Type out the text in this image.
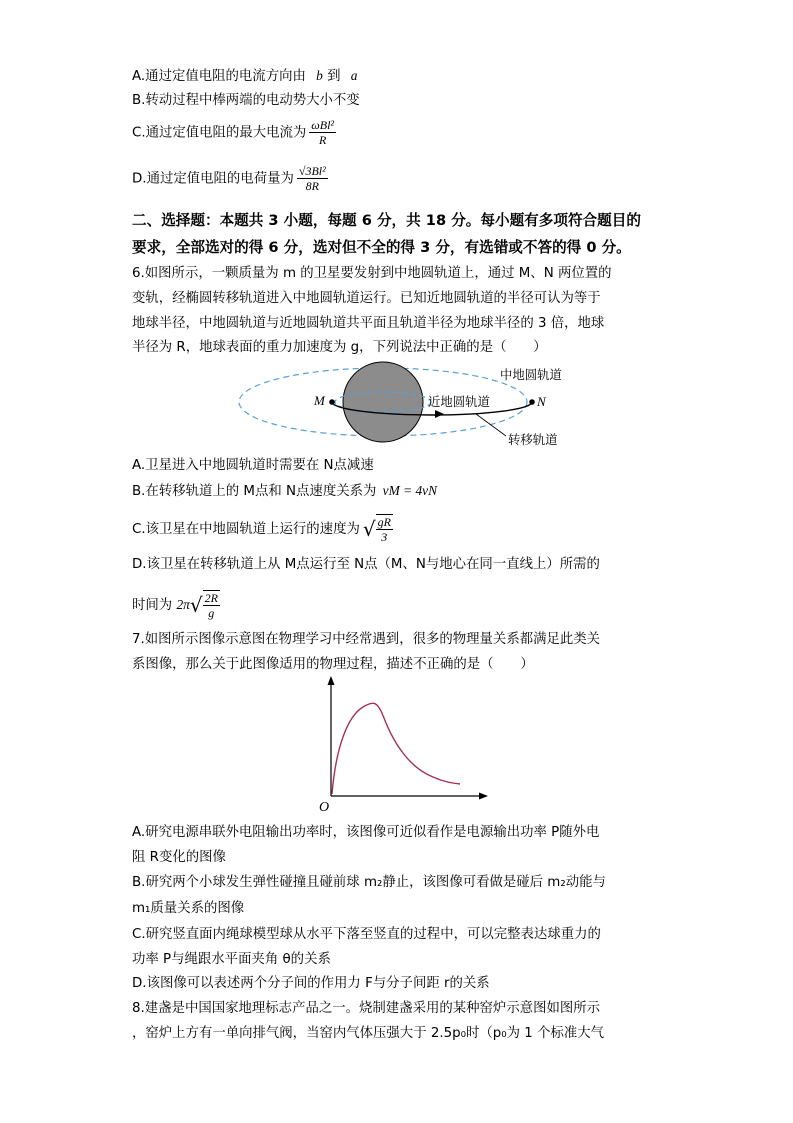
A.通过定值电阻的电流方向由 b 到 a
B.转动过程中棒两端的电动势大小不变
C.通过定值电阻的最大电流为 $\frac{\text{ωBl²}}{R}$
D.通过定值电阻的电荷量为 $\frac{\text{√3Bl²}}{8R}$
二、选择题：本题共 3 小题，每题 6 分，共 18 分。每小题有多项符合题目的
要求，全部选对的得 6 分，选对但不全的得 3 分，有选错或不答的得 0 分。
6.如图所示，一颗质量为 m 的卫星要发射到中地圆轨道上，通过 M、N 两位置的
变轨，经椭圆转移轨道进入中地圆轨道运行。已知近地圆轨道的半径可认为等于
地球半径，中地圆轨道与近地圆轨道共平面且轨道半径为地球半径的 3 倍，地球
半径为 R，地球表面的重力加速度为 g，下列说法中正确的是（　　）
中地圆轨道
近地圆轨道
转移轨道
M	N
A.卫星进入中地圆轨道时需要在 N点减速
B.在转移轨道上的 M点和 N点速度关系为 vM = 4vN
C.该卫星在中地圆轨道上运行的速度为 √ $\frac{gR}{3}$
D.该卫星在转移轨道上从 M点运行至 N点（M、N与地心在同一直线上）所需的
时间为 $2\pi√ \frac{2R}{g}$
7.如图所示图像示意图在物理学习中经常遇到，很多的物理量关系都满足此类关
系图像，那么关于此图像适用的物理过程，描述不正确的是（　　）
O
A.研究电源串联外电阻输出功率时，该图像可近似看作是电源输出功率 P随外电
阻 R变化的图像
B.研究两个小球发生弹性碰撞且碰前球 m₂静止，该图像可看做是碰后 m₂动能与
m₁质量关系的图像
C.研究竖直面内绳球模型球从水平下落至竖直的过程中，可以完整表达球重力的
功率 P与绳跟水平面夹角 θ的关系
D.该图像可以表述两个分子间的作用力 F与分子间距 r的关系
8.建盏是中国国家地理标志产品之一。烧制建盏采用的某种窑炉示意图如图所示
，窑炉上方有一单向排气阀，当窑内气体压强大于 2.5p₀时（p₀为 1 个标准大气
